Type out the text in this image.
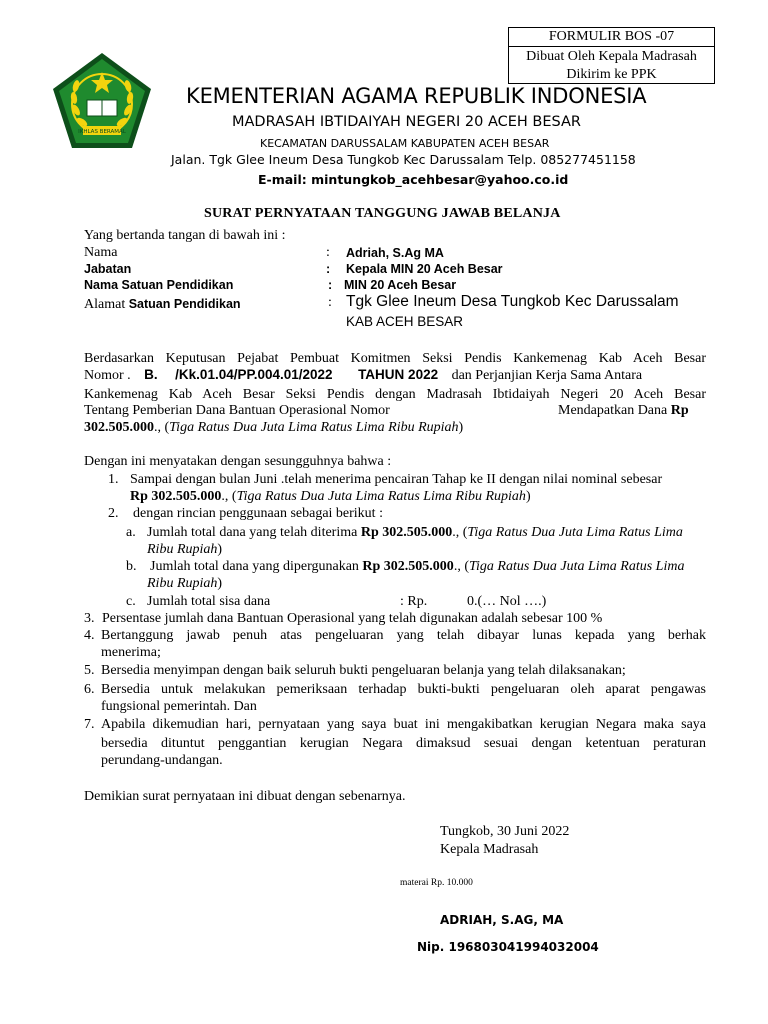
FORMULIR BOS -07
Dibuat Oleh Kepala Madrasah
Dikirim ke PPK
IKHLAS BERAMAL
KEMENTERIAN AGAMA REPUBLIK INDONESIA
MADRASAH IBTIDAIYAH NEGERI 20 ACEH BESAR
KECAMATAN DARUSSALAM KABUPATEN ACEH BESAR
Jalan. Tgk Glee Ineum Desa Tungkob Kec Darussalam Telp. 085277451158
E-mail: mintungkob_acehbesar@yahoo.co.id
SURAT PERNYATAAN TANGGUNG JAWAB BELANJA
Yang bertanda tangan di bawah ini :
Nama	: Adriah, S.Ag MA
Jabatan	: Kepala MIN 20 Aceh Besar
Nama Satuan Pendidikan	: MIN 20 Aceh Besar
Alamat Satuan Pendidikan	: Tgk Glee Ineum Desa Tungkob Kec Darussalam
KAB ACEH BESAR
Berdasarkan Keputusan Pejabat Pembuat Komitmen Seksi Pendis Kankemenag Kab Aceh Besar
Nomor . B. /Kk.01.04/PP.004.01/2022 TAHUN 2022 dan Perjanjian Kerja Sama Antara
Kankemenag Kab Aceh Besar Seksi Pendis dengan Madrasah Ibtidaiyah Negeri 20 Aceh Besar
Tentang Pemberian Dana Bantuan Operasional Nomor	Mendapatkan Dana Rp
302.505.000., (Tiga Ratus Dua Juta Lima Ratus Lima Ribu Rupiah)
Dengan ini menyatakan dengan sesungguhnya bahwa :
1. Sampai dengan bulan Juni .telah menerima pencairan Tahap ke II dengan nilai nominal sebesar
Rp 302.505.000., (Tiga Ratus Dua Juta Lima Ratus Lima Ribu Rupiah)
2. dengan rincian penggunaan sebagai berikut :
a. Jumlah total dana yang telah diterima Rp 302.505.000., (Tiga Ratus Dua Juta Lima Ratus Lima
Ribu Rupiah)
b. Jumlah total dana yang dipergunakan Rp 302.505.000., (Tiga Ratus Dua Juta Lima Ratus Lima
Ribu Rupiah)
c. Jumlah total sisa dana	: Rp.	0.(… Nol ….)
3. Persentase jumlah dana Bantuan Operasional yang telah digunakan adalah sebesar 100 %
4. Bertanggung jawab penuh atas pengeluaran yang telah dibayar lunas kepada yang berhak
menerima;
5. Bersedia menyimpan dengan baik seluruh bukti pengeluaran belanja yang telah dilaksanakan;
6. Bersedia untuk melakukan pemeriksaan terhadap bukti-bukti pengeluaran oleh aparat pengawas
fungsional pemerintah. Dan
7. Apabila dikemudian hari, pernyataan yang saya buat ini mengakibatkan kerugian Negara maka saya
bersedia dituntut penggantian kerugian Negara dimaksud sesuai dengan ketentuan peraturan
perundang-undangan.
Demikian surat pernyataan ini dibuat dengan sebenarnya.
Tungkob, 30 Juni 2022
Kepala Madrasah
materai Rp. 10.000
ADRIAH, S.AG, MA
Nip. 196803041994032004
